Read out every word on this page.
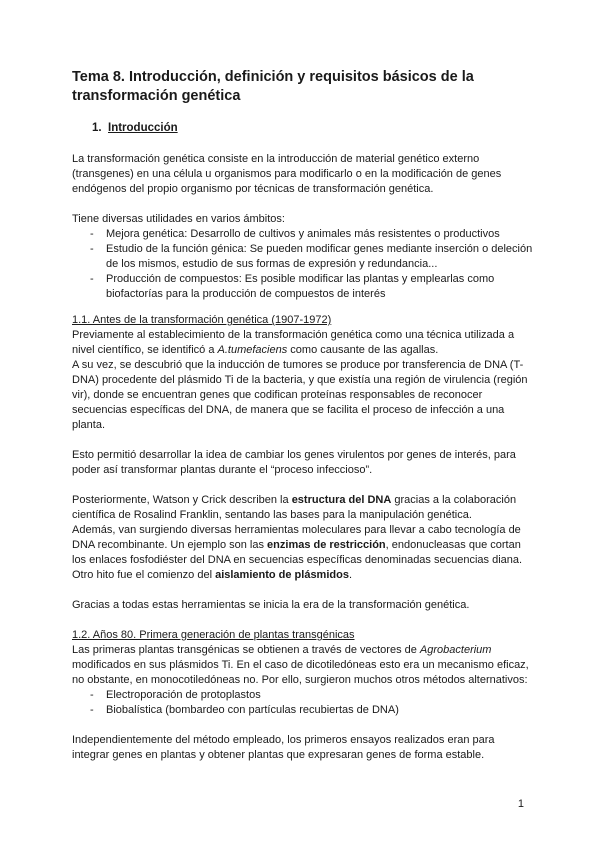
Tema 8. Introducción, definición y requisitos básicos de la transformación genética
1. Introducción

La transformación genética consiste en la introducción de material genético externo (transgenes) en una célula u organismos para modificarlo o en la modificación de genes endógenos del propio organismo por técnicas de transformación genética.

Tiene diversas utilidades en varios ámbitos:

- Mejora genética: Desarrollo de cultivos y animales más resistentes o productivos
- Estudio de la función génica: Se pueden modificar genes mediante inserción o deleción de los mismos, estudio de sus formas de expresión y redundancia...
- Producción de compuestos: Es posible modificar las plantas y emplearlas como biofactorías para la producción de compuestos de interés

1.1. Antes de la transformación genética (1907-1972)

Previamente al establecimiento de la transformación genética como una técnica utilizada a nivel científico, se identificó a A.tumefaciens como causante de las agallas.

A su vez, se descubrió que la inducción de tumores se produce por transferencia de DNA (T-DNA) procedente del plásmido Ti de la bacteria, y que existía una región de virulencia (región vir), donde se encuentran genes que codifican proteínas responsables de reconocer secuencias específicas del DNA, de manera que se facilita el proceso de infección a una planta.

Esto permitió desarrollar la idea de cambiar los genes virulentos por genes de interés, para poder así transformar plantas durante el “proceso infeccioso”.

Posteriormente, Watson y Crick describen la estructura del DNA gracias a la colaboración científica de Rosalind Franklin, sentando las bases para la manipulación genética.

Además, van surgiendo diversas herramientas moleculares para llevar a cabo tecnología de DNA recombinante. Un ejemplo son las enzimas de restricción, endonucleasas que cortan los enlaces fosfodiéster del DNA en secuencias específicas denominadas secuencias diana.

Otro hito fue el comienzo del aislamiento de plásmidos.

Gracias a todas estas herramientas se inicia la era de la transformación genética.

1.2. Años 80. Primera generación de plantas transgénicas

Las primeras plantas transgénicas se obtienen a través de vectores de Agrobacterium modificados en sus plásmidos Ti. En el caso de dicotiledóneas esto era un mecanismo eficaz, no obstante, en monocotiledóneas no. Por ello, surgieron muchos otros métodos alternativos:

- Electroporación de protoplastos
- Biobalística (bombardeo con partículas recubiertas de DNA)

Independientemente del método empleado, los primeros ensayos realizados eran para integrar genes en plantas y obtener plantas que expresaran genes de forma estable.

1
